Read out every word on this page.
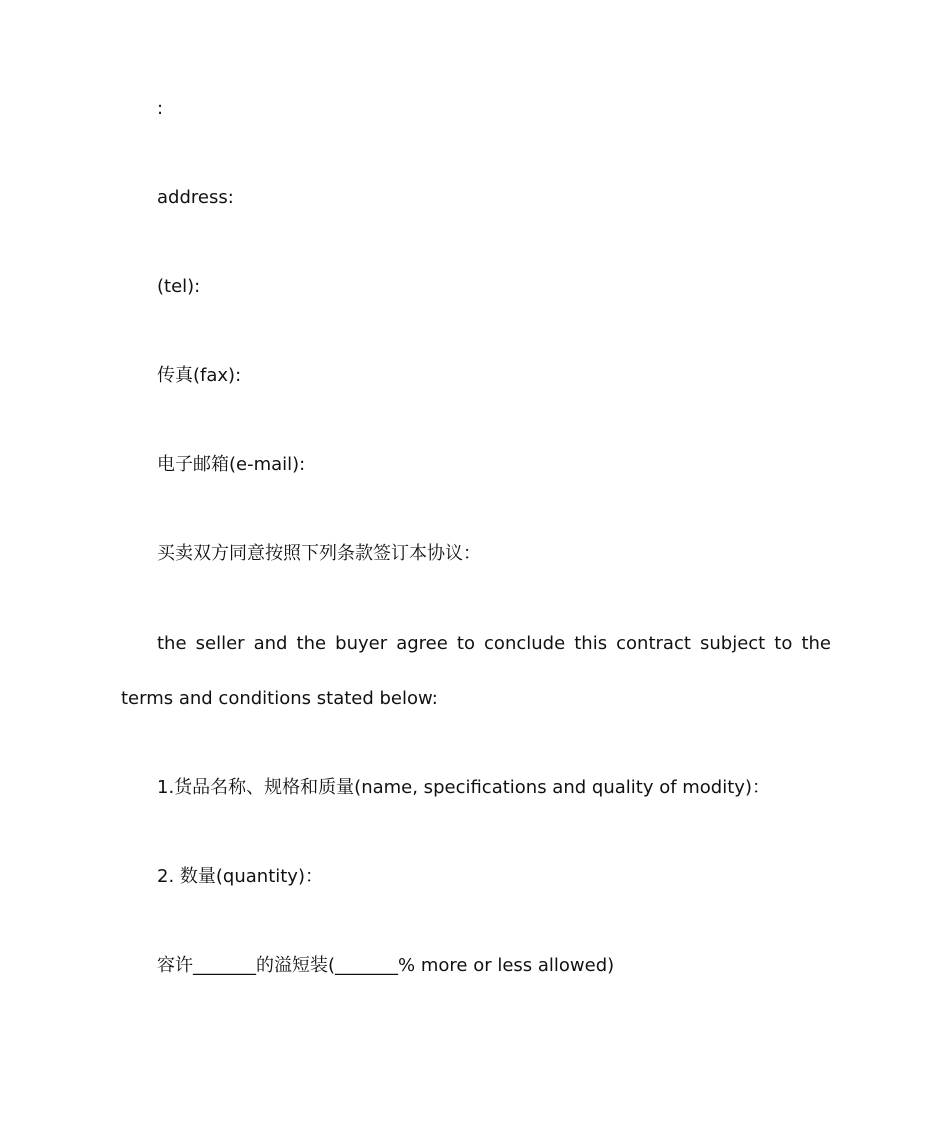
:
address:
(tel):
传真(fax):
电子邮箱(e-mail):
买卖双方同意按照下列条款签订本协议：
the seller and the buyer agree to conclude this contract subject to the terms and conditions stated below:
1.货品名称、规格和质量(name, specifications and quality of modity)：
2. 数量(quantity)：
容许_______的溢短装(_______% more or less allowed)
